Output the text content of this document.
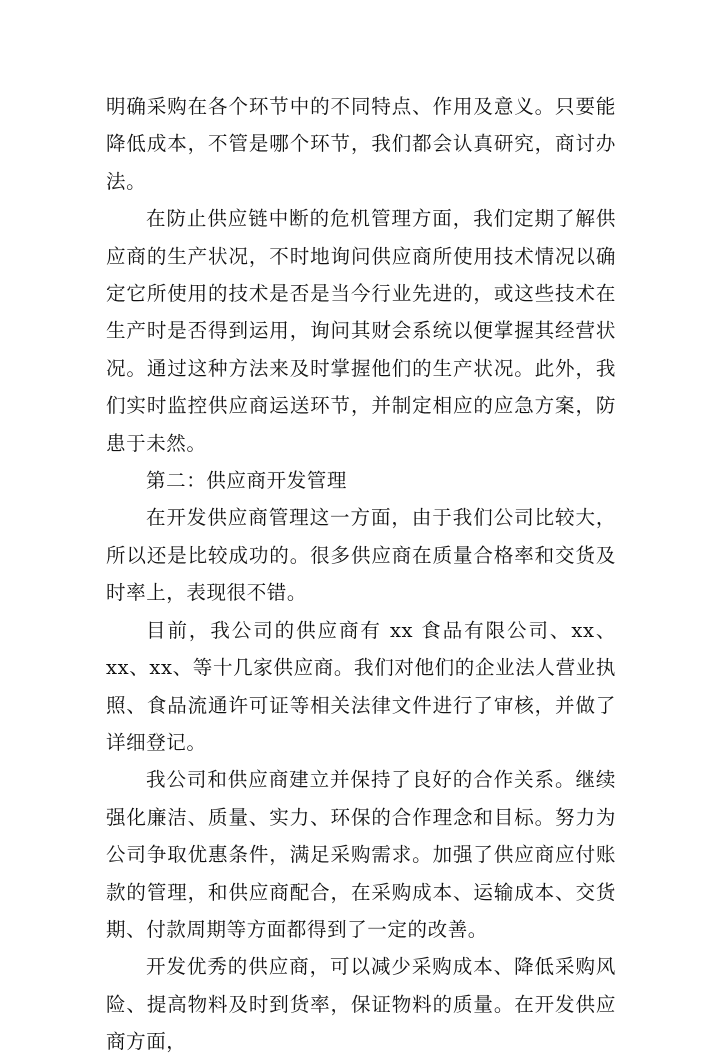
明确采购在各个环节中的不同特点、作用及意义。只要能降低成本，不管是哪个环节，我们都会认真研究，商讨办法。

在防止供应链中断的危机管理方面，我们定期了解供应商的生产状况，不时地询问供应商所使用技术情况以确定它所使用的技术是否是当今行业先进的，或这些技术在生产时是否得到运用，询问其财会系统以便掌握其经营状况。通过这种方法来及时掌握他们的生产状况。此外，我们实时监控供应商运送环节，并制定相应的应急方案，防患于未然。

第二：供应商开发管理

在开发供应商管理这一方面，由于我们公司比较大，所以还是比较成功的。很多供应商在质量合格率和交货及时率上，表现很不错。

目前，我公司的供应商有 xx 食品有限公司、xx、xx、xx、等十几家供应商。我们对他们的企业法人营业执照、食品流通许可证等相关法律文件进行了审核，并做了详细登记。

我公司和供应商建立并保持了良好的合作关系。继续强化廉洁、质量、实力、环保的合作理念和目标。努力为公司争取优惠条件，满足采购需求。加强了供应商应付账款的管理，和供应商配合，在采购成本、运输成本、交货期、付款周期等方面都得到了一定的改善。

开发优秀的供应商，可以减少采购成本、降低采购风险、提高物料及时到货率，保证物料的质量。在开发供应商方面，
